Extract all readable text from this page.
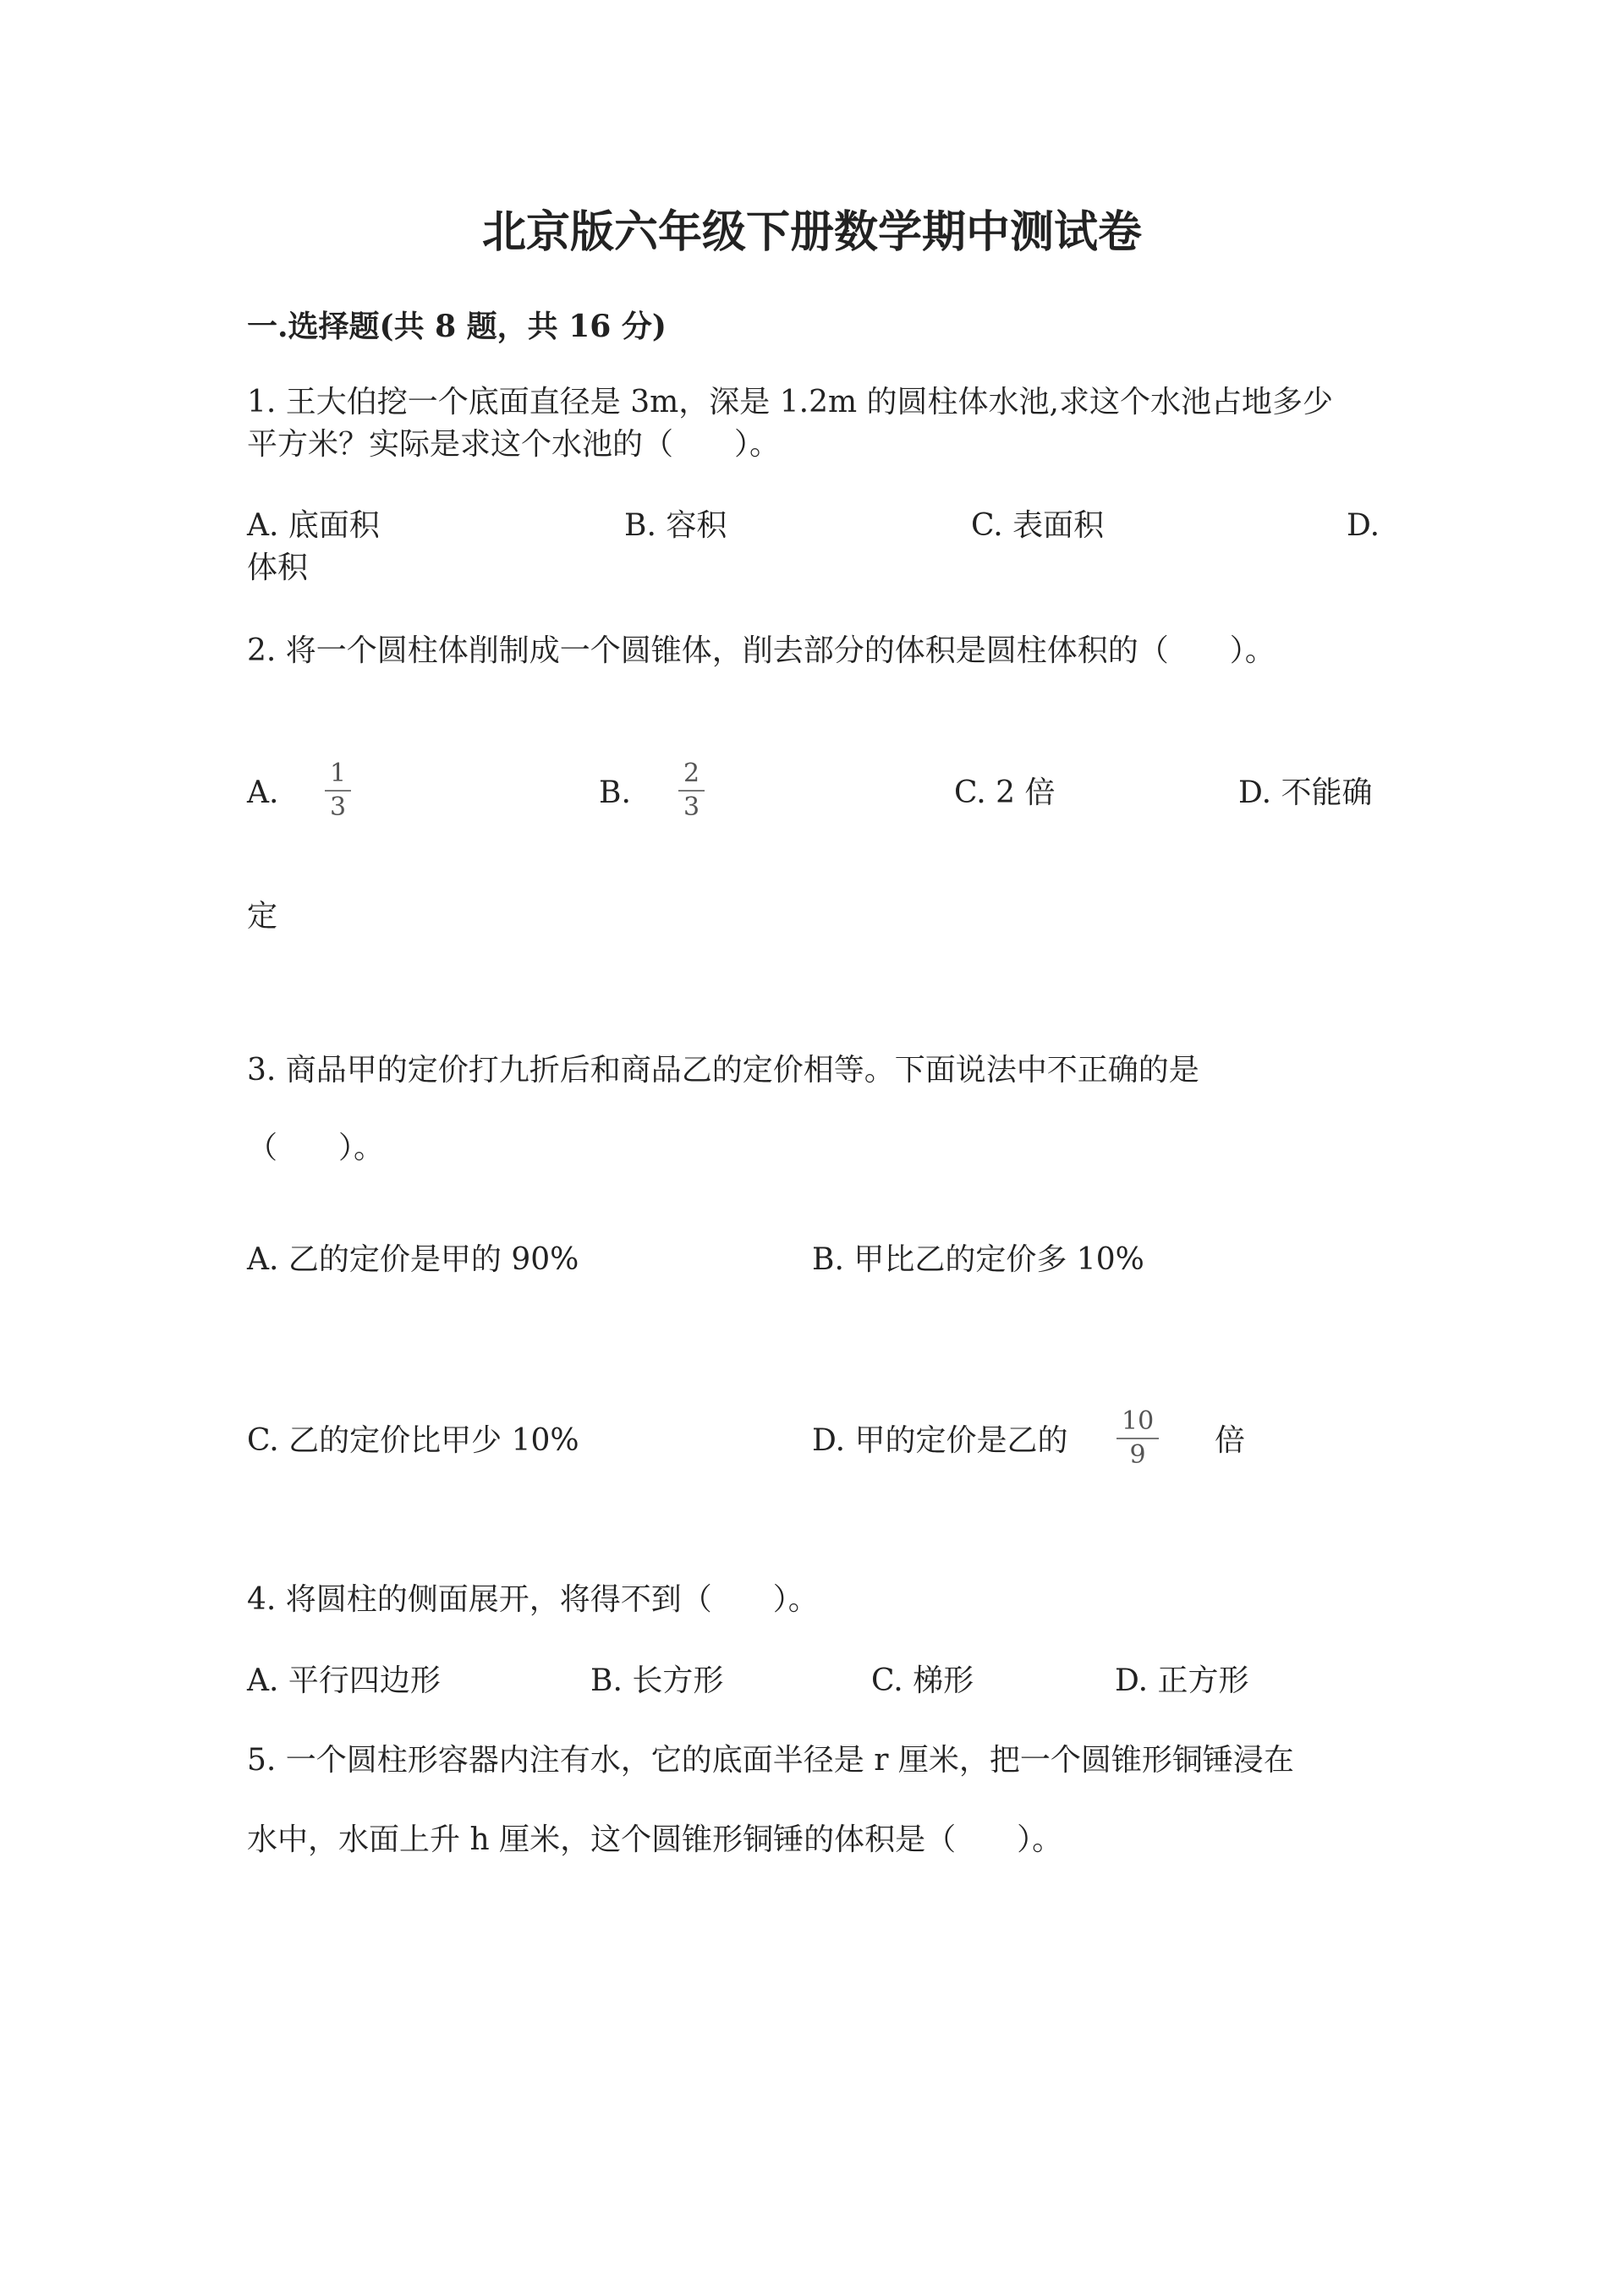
北京版六年级下册数学期中测试卷
一.选择题(共 8 题，共 16 分)
1. 王大伯挖一个底面直径是 3m，深是 1.2m 的圆柱体水池,求这个水池占地多少
平方米？实际是求这个水池的（　　）。
A. 底面积	B. 容积	C. 表面积	D.
体积
2. 将一个圆柱体削制成一个圆锥体，削去部分的体积是圆柱体积的（　　）。
A.
1
3	B.
2
3	C. 2 倍	D. 不能确
定
3. 商品甲的定价打九折后和商品乙的定价相等。下面说法中不正确的是
（　　）。
A. 乙的定价是甲的 90%	B. 甲比乙的定价多 10%
C. 乙的定价比甲少 10%	D. 甲的定价是乙的
10
9 倍
4. 将圆柱的侧面展开，将得不到（　　）。
A. 平行四边形	B. 长方形	C. 梯形	D. 正方形
5. 一个圆柱形容器内注有水，它的底面半径是 r 厘米，把一个圆锥形铜锤浸在
水中，水面上升 h 厘米，这个圆锥形铜锤的体积是（　　）。
